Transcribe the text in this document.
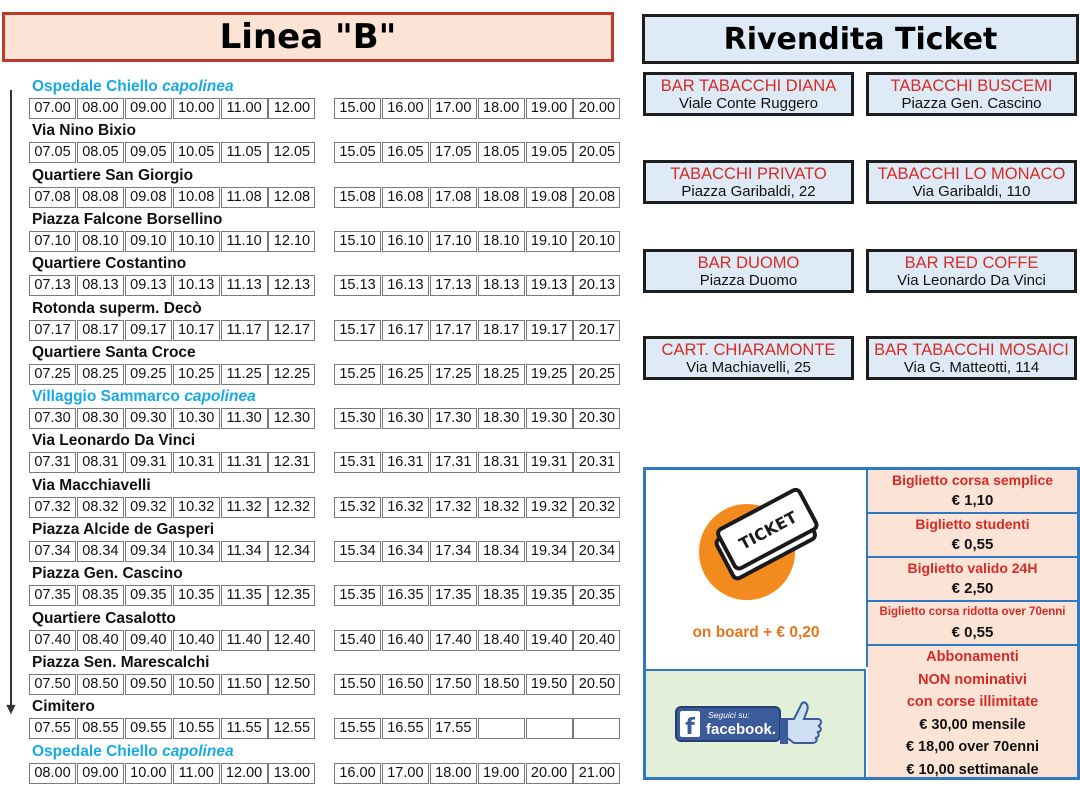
Linea "B"	Rivendita Ticket
▼
Ospedale Chiello capolinea
07.00 08.00 09.00 10.00 11.00 12.00	15.00 16.00 17.00 18.00 19.00 20.00
Via Nino Bixio
07.05 08.05 09.05 10.05 11.05 12.05	15.05 16.05 17.05 18.05 19.05 20.05
Quartiere San Giorgio
07.08 08.08 09.08 10.08 11.08 12.08	15.08 16.08 17.08 18.08 19.08 20.08
Piazza Falcone Borsellino
07.10 08.10 09.10 10.10 11.10 12.10	15.10 16.10 17.10 18.10 19.10 20.10
Quartiere Costantino
07.13 08.13 09.13 10.13 11.13 12.13	15.13 16.13 17.13 18.13 19.13 20.13
Rotonda superm. Decò
07.17 08.17 09.17 10.17 11.17 12.17	15.17 16.17 17.17 18.17 19.17 20.17
Quartiere Santa Croce
07.25 08.25 09.25 10.25 11.25 12.25	15.25 16.25 17.25 18.25 19.25 20.25
Villaggio Sammarco capolinea
07.30 08.30 09.30 10.30 11.30 12.30	15.30 16.30 17.30 18.30 19.30 20.30
Via Leonardo Da Vinci
07.31 08.31 09.31 10.31 11.31 12.31	15.31 16.31 17.31 18.31 19.31 20.31
Via Macchiavelli
07.32 08.32 09.32 10.32 11.32 12.32	15.32 16.32 17.32 18.32 19.32 20.32
Piazza Alcide de Gasperi
07.34 08.34 09.34 10.34 11.34 12.34	15.34 16.34 17.34 18.34 19.34 20.34
Piazza Gen. Cascino
07.35 08.35 09.35 10.35 11.35 12.35	15.35 16.35 17.35 18.35 19.35 20.35
Quartiere Casalotto
07.40 08.40 09.40 10.40 11.40 12.40	15.40 16.40 17.40 18.40 19.40 20.40
Piazza Sen. Marescalchi
07.50 08.50 09.50 10.50 11.50 12.50	15.50 16.50 17.50 18.50 19.50 20.50
Cimitero
07.55 08.55 09.55 10.55 11.55 12.55	15.55 16.55 17.55
Ospedale Chiello capolinea
08.00 09.00 10.00 11.00 12.00 13.00	16.00 17.00 18.00 19.00 20.00 21.00
BAR TABACCHI DIANA
Viale Conte Ruggero
TABACCHI BUSCEMI
Piazza Gen. Cascino
TABACCHI PRIVATO
Piazza Garibaldi, 22
TABACCHI LO MONACO
Via Garibaldi, 110
BAR DUOMO
Piazza Duomo
BAR RED COFFE
Via Leonardo Da Vinci
CART. CHIARAMONTE
Via Machiavelli, 25
BAR TABACCHI MOSAICI
Via G. Matteotti, 114
TICKET
on board + € 0,20
f Seguici su:
facebook.
Biglietto corsa semplice
€ 1,10
Biglietto studenti
€ 0,55
Biglietto valido 24H
€ 2,50
Biglietto corsa ridotta over 70enni
€ 0,55
Abbonamenti
NON nominativi
con corse illimitate
€ 30,00 mensile
€ 18,00 over 70enni
€ 10,00 settimanale
